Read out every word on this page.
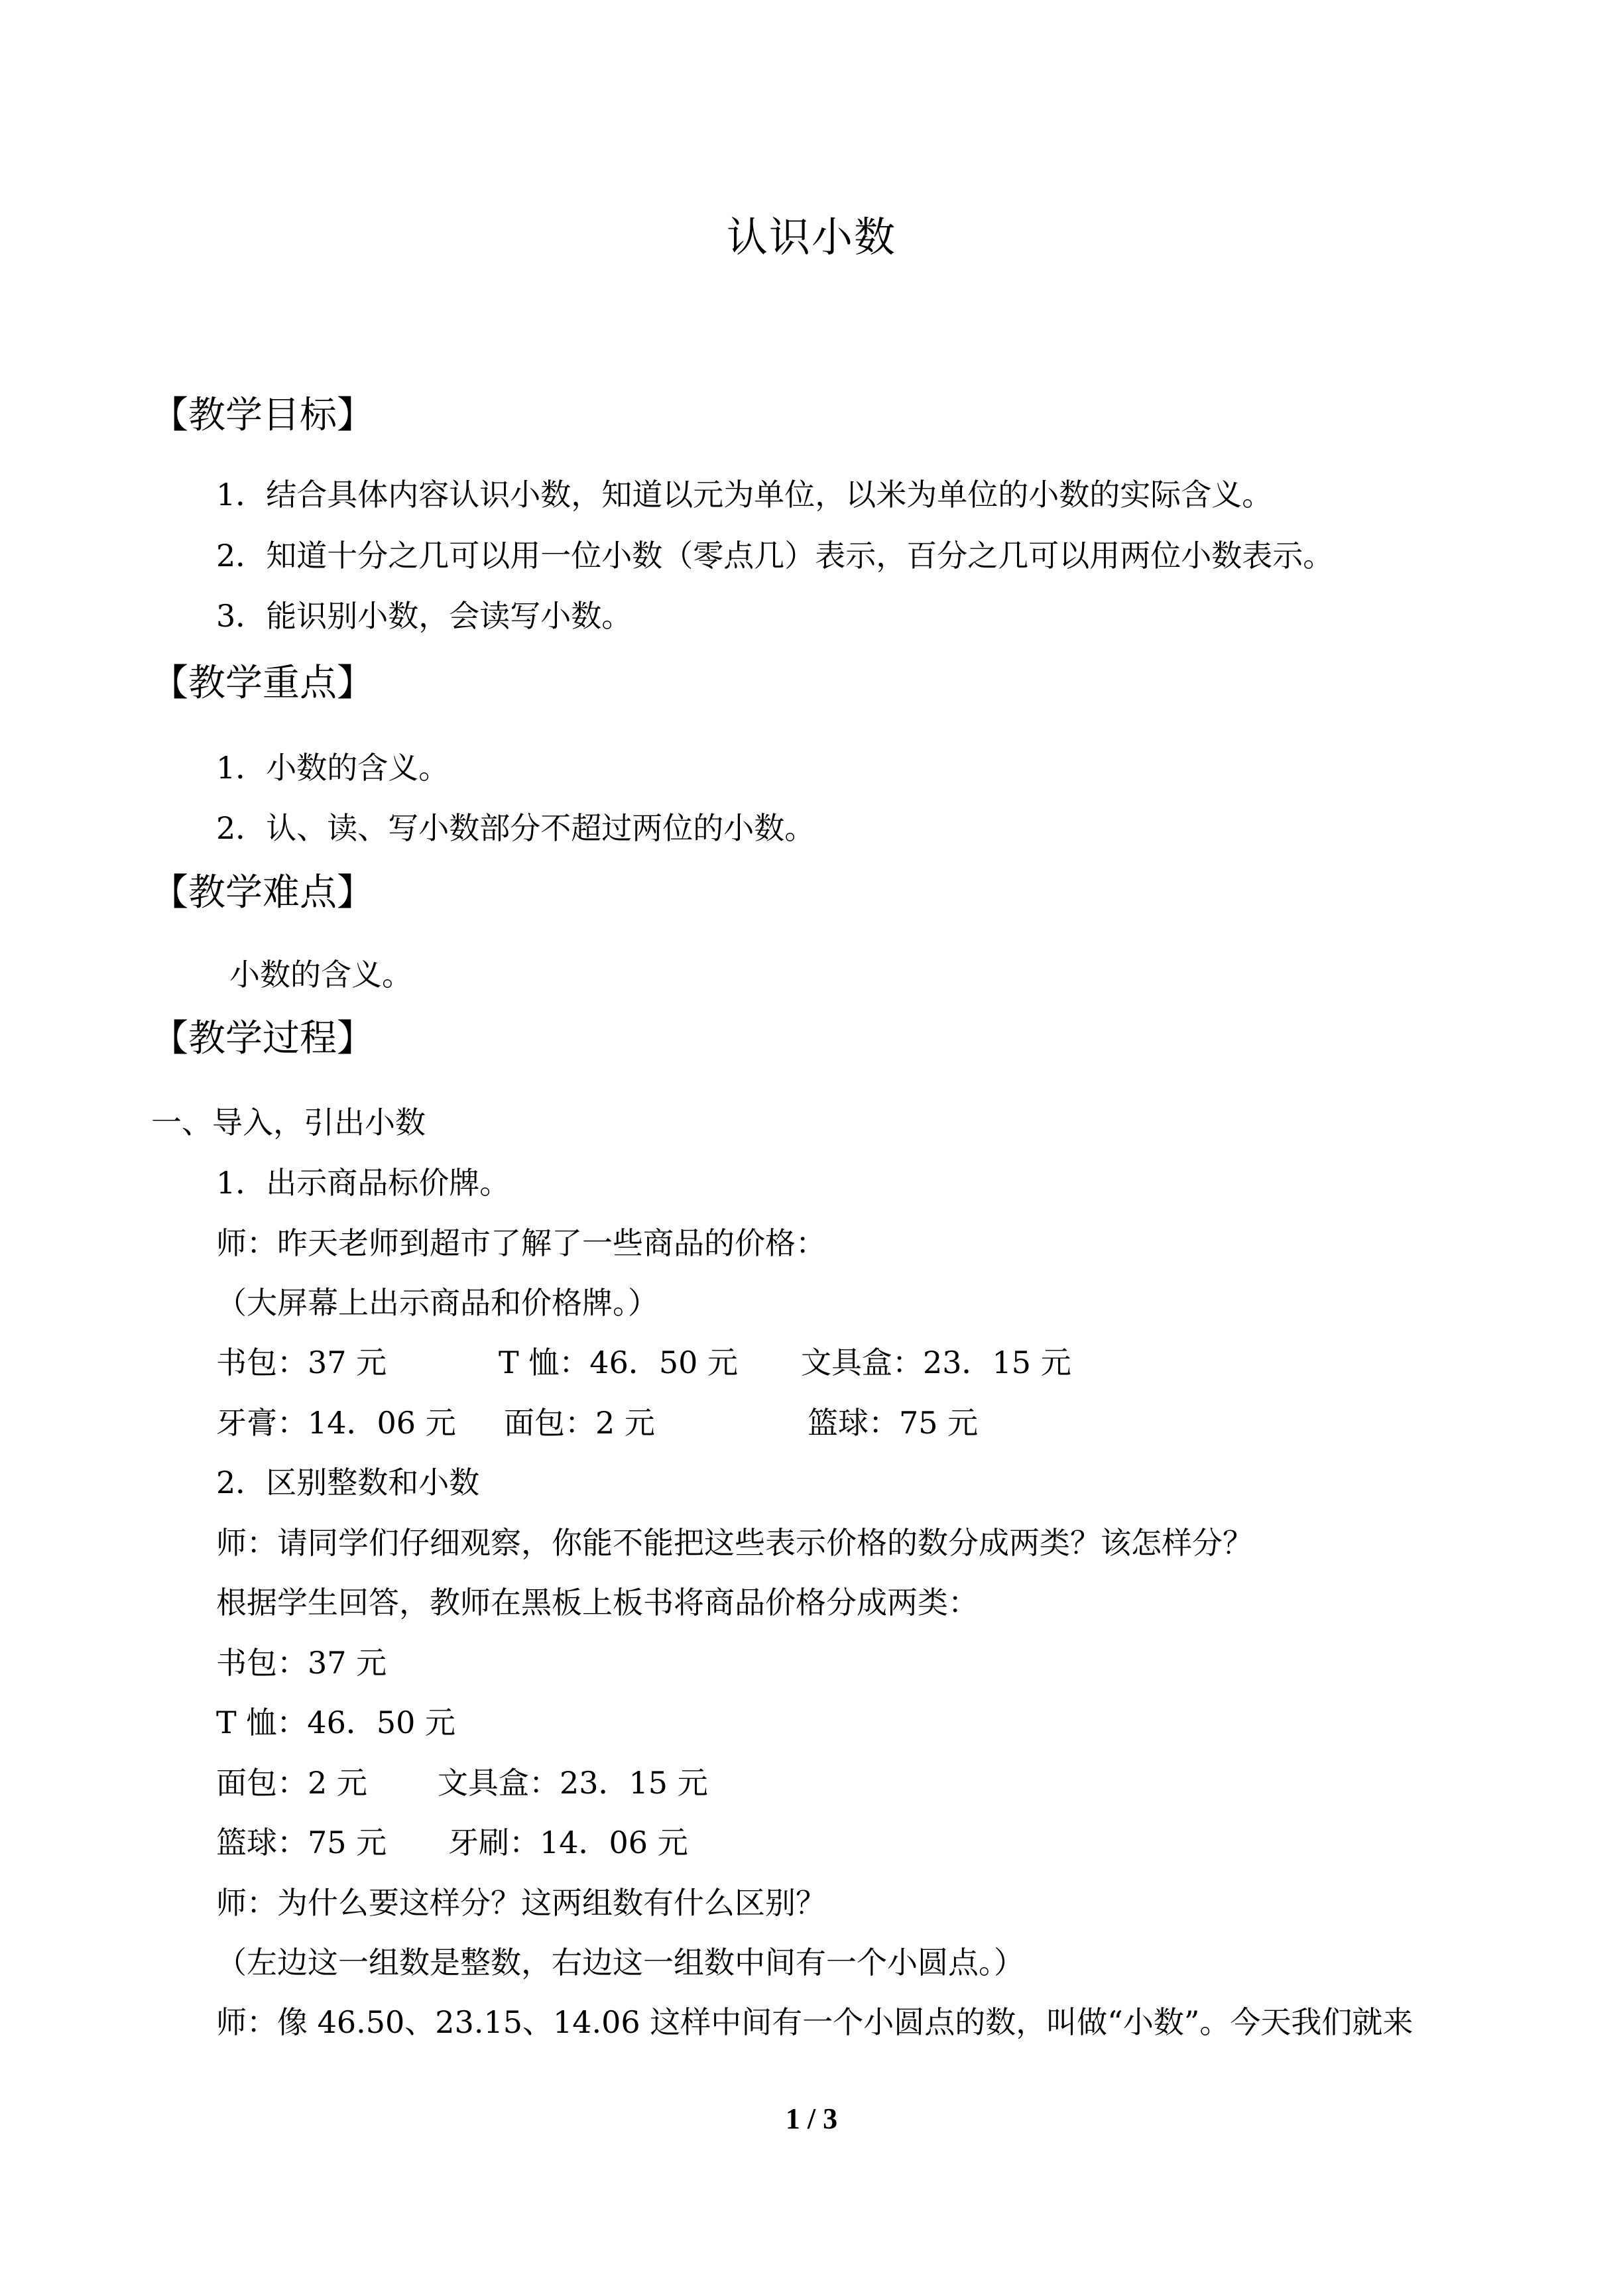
认识小数
【教学目标】
1．结合具体内容认识小数，知道以元为单位，以米为单位的小数的实际含义。
2．知道十分之几可以用一位小数（零点几）表示，百分之几可以用两位小数表示。
3．能识别小数，会读写小数。
【教学重点】
1．小数的含义。
2．认、读、写小数部分不超过两位的小数。
【教学难点】
小数的含义。
【教学过程】
一、导入，引出小数
1．出示商品标价牌。
师：昨天老师到超市了解了一些商品的价格：
（大屏幕上出示商品和价格牌。）
书包：37 元	T 恤：46．50 元 文具盒：23．15 元
牙膏：14．06 元 面包：2 元	篮球：75 元
2．区别整数和小数
师：请同学们仔细观察，你能不能把这些表示价格的数分成两类？该怎样分？
根据学生回答，教师在黑板上板书将商品价格分成两类：
书包：37 元
T 恤：46．50 元
面包：2 元 文具盒：23．15 元
篮球：75 元 牙刷：14．06 元
师：为什么要这样分？这两组数有什么区别？
（左边这一组数是整数，右边这一组数中间有一个小圆点。）
师：像 46.50、23.15、14.06 这样中间有一个小圆点的数，叫做“小数”。今天我们就来
1 / 3
